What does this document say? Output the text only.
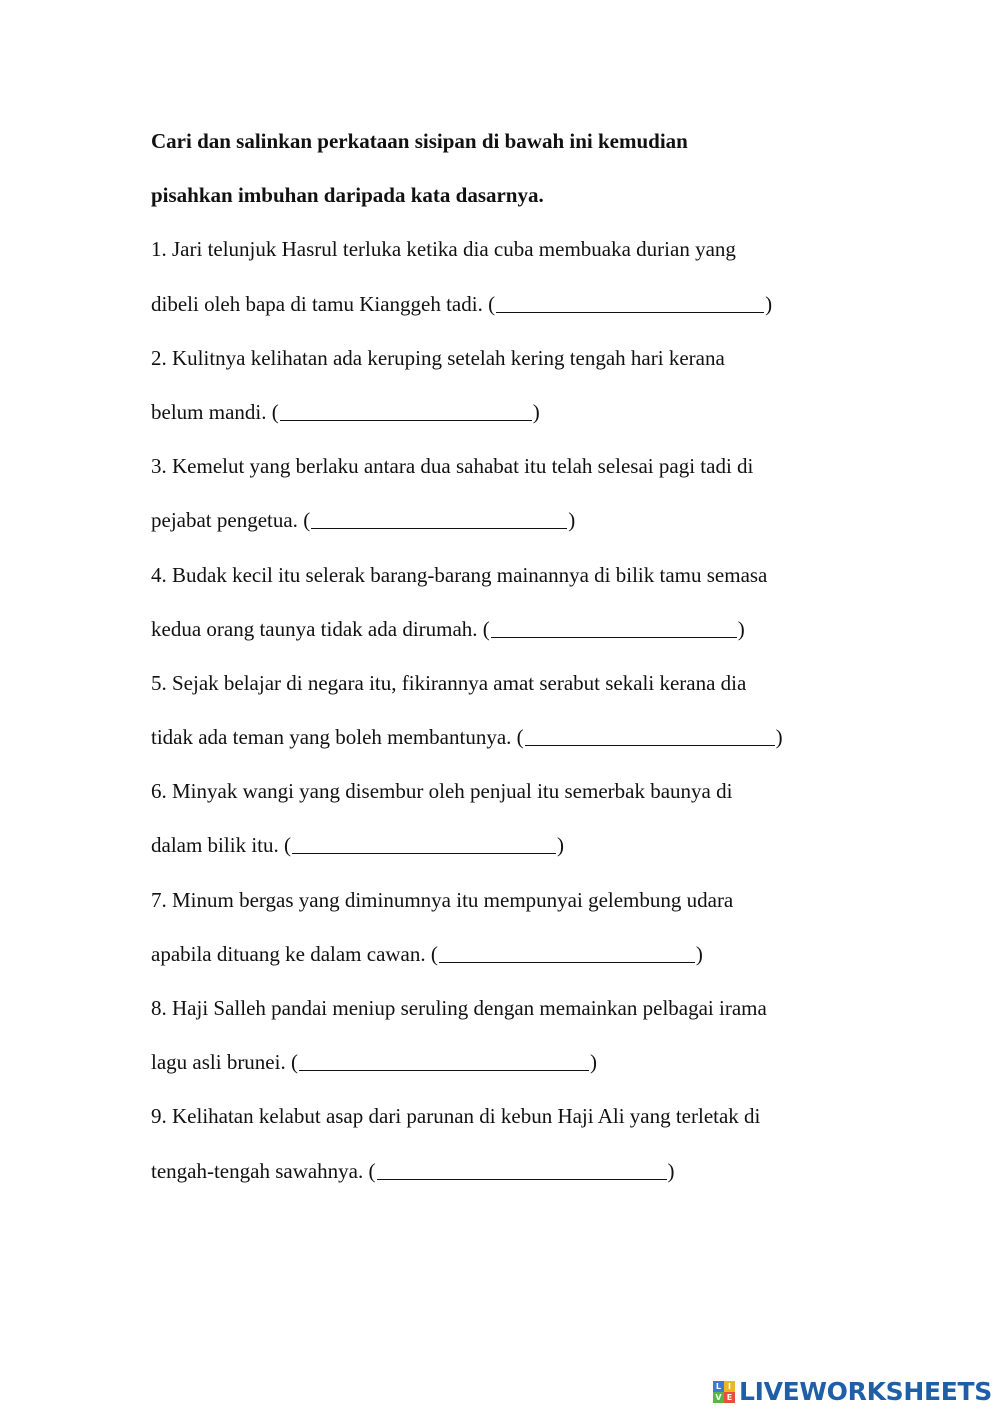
Cari dan salinkan perkataan sisipan di bawah ini kemudian
pisahkan imbuhan daripada kata dasarnya.
1. Jari telunjuk Hasrul terluka ketika dia cuba membuaka durian yang
dibeli oleh bapa di tamu Kianggeh tadi. (	)
2. Kulitnya kelihatan ada keruping setelah kering tengah hari kerana
belum mandi. (	)
3. Kemelut yang berlaku antara dua sahabat itu telah selesai pagi tadi di
pejabat pengetua. (	)
4. Budak kecil itu selerak barang-barang mainannya di bilik tamu semasa
kedua orang taunya tidak ada dirumah. (	)
5. Sejak belajar di negara itu, fikirannya amat serabut sekali kerana dia
tidak ada teman yang boleh membantunya. (	)
6. Minyak wangi yang disembur oleh penjual itu semerbak baunya di
dalam bilik itu. (	)
7. Minum bergas yang diminumnya itu mempunyai gelembung udara
apabila dituang ke dalam cawan. (	)
8. Haji Salleh pandai meniup seruling dengan memainkan pelbagai irama
lagu asli brunei. (	)
9. Kelihatan kelabut asap dari parunan di kebun Haji Ali yang terletak di
tengah-tengah sawahnya. (	)
L I
V E LIVEWORKSHEETS
